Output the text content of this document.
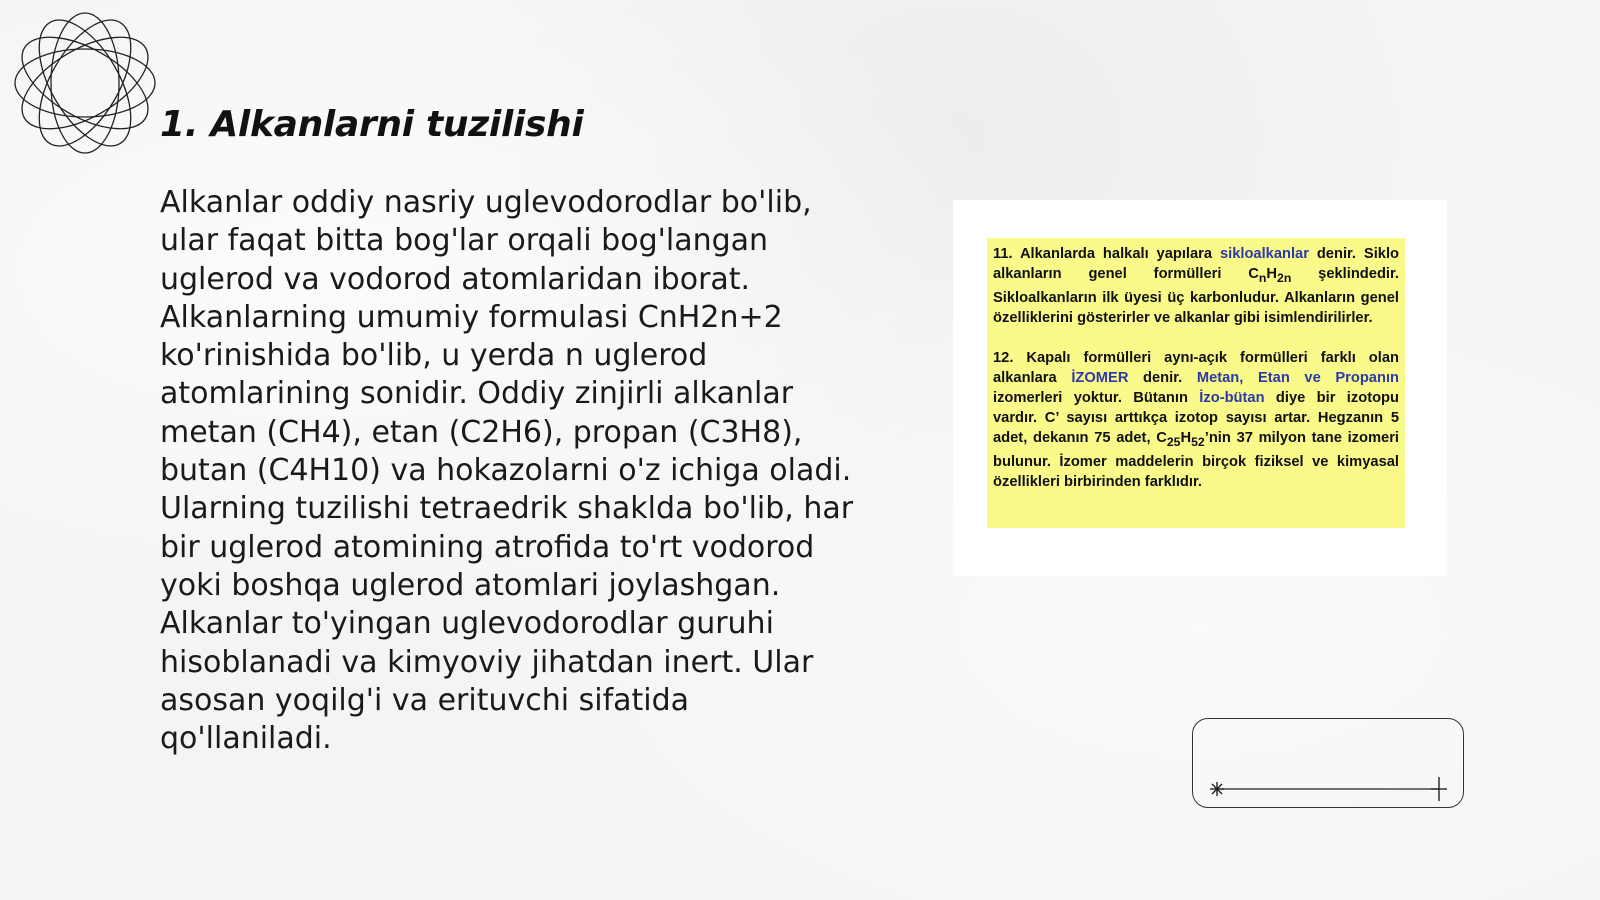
1. Alkanlarni tuzilishi

Alkanlar oddiy nasriy uglevodorodlar bo'lib, ular faqat bitta bog'lar orqali bog'langan uglerod va vodorod atomlaridan iborat. Alkanlarning umumiy formulasi CnH2n+2 ko'rinishida bo'lib, u yerda n uglerod atomlarining sonidir. Oddiy zinjirli alkanlar metan (CH4), etan (C2H6), propan (C3H8), butan (C4H10) va hokazolarni o'z ichiga oladi. Ularning tuzilishi tetraedrik shaklda bo'lib, har bir uglerod atomining atrofida to'rt vodorod yoki boshqa uglerod atomlari joylashgan. Alkanlar to'yingan uglevodorodlar guruhi hisoblanadi va kimyoviy jihatdan inert. Ular asosan yoqilg'i va erituvchi sifatida qo'llaniladi.

11. Alkanlarda halkalı yapılara sikloalkanlar denir. Siklo alkanların genel formülleri $C_nH_{2n}$ şeklindedir. Sikloalkanların ilk üyesi üç karbonludur. Alkanların genel özelliklerini gösterirler ve alkanlar gibi isimlendirilirler.

12. Kapalı formülleri aynı-açık formülleri farklı olan alkanlara İZOMER denir. Metan, Etan ve Propanın izomerleri yoktur. Bütanın İzo-bütan diye bir izotopu vardır. C’ sayısı arttıkça izotop sayısı artar. Hegzanın 5 adet, dekanın 75 adet, $C_{25}H_{52}’nin$ 37 milyon tane izomeri bulunur. İzomer maddelerin birçok fiziksel ve kimyasal özellikleri birbirinden farklıdır.
